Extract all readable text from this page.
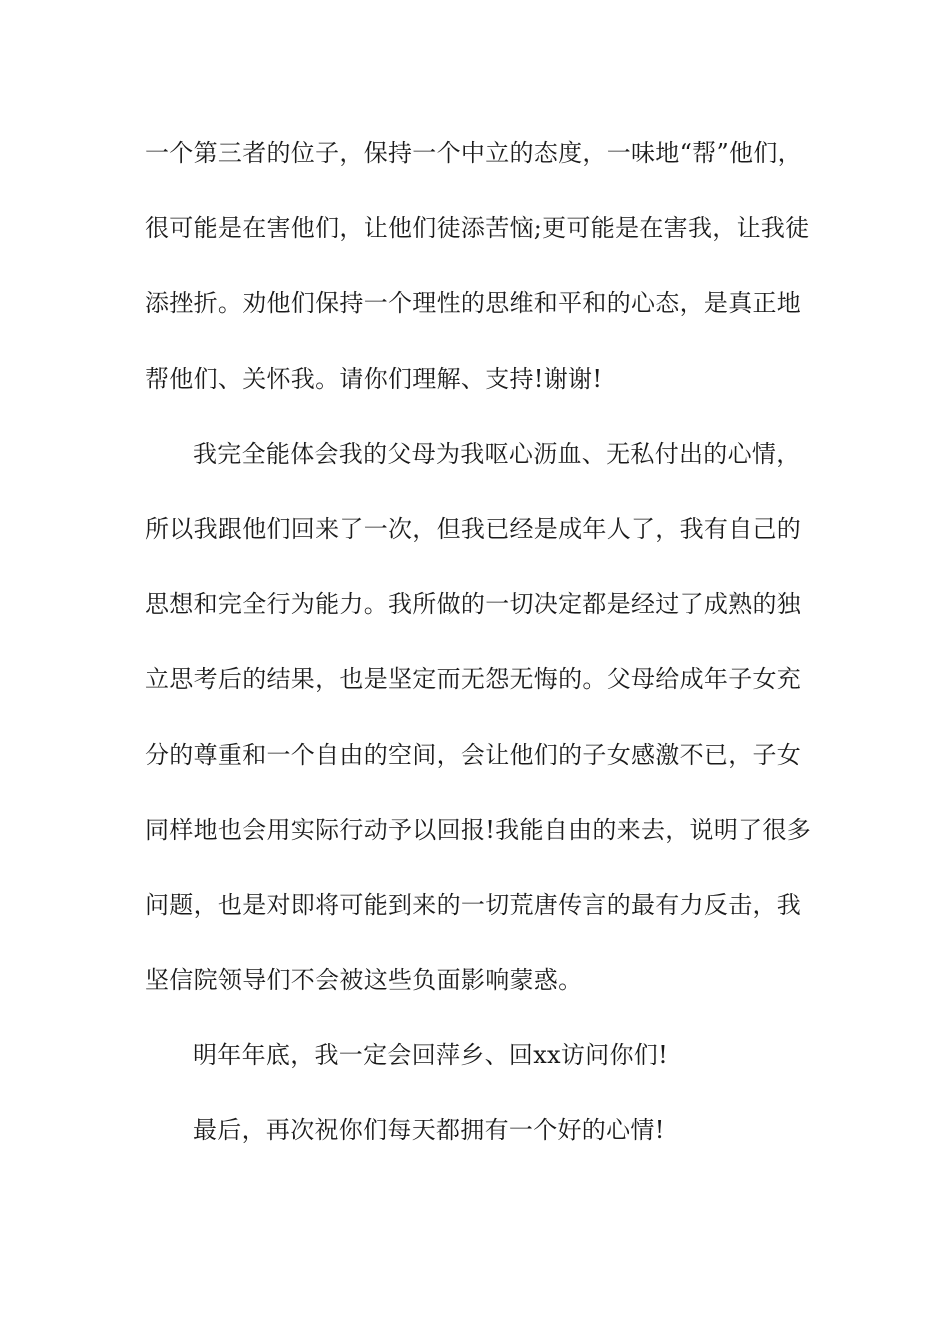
一个第三者的位子，保持一个中立的态度，一味地“帮”他们，
很可能是在害他们，让他们徒添苦恼;更可能是在害我，让我徒
添挫折。劝他们保持一个理性的思维和平和的心态，是真正地
帮他们、关怀我。请你们理解、支持!谢谢!
我完全能体会我的父母为我呕心沥血、无私付出的心情，
所以我跟他们回来了一次，但我已经是成年人了，我有自己的
思想和完全行为能力。我所做的一切决定都是经过了成熟的独
立思考后的结果，也是坚定而无怨无悔的。父母给成年子女充
分的尊重和一个自由的空间，会让他们的子女感激不已，子女
同样地也会用实际行动予以回报!我能自由的来去，说明了很多
问题，也是对即将可能到来的一切荒唐传言的最有力反击，我
坚信院领导们不会被这些负面影响蒙惑。
明年年底，我一定会回萍乡、回xx访问你们!
最后，再次祝你们每天都拥有一个好的心情!
